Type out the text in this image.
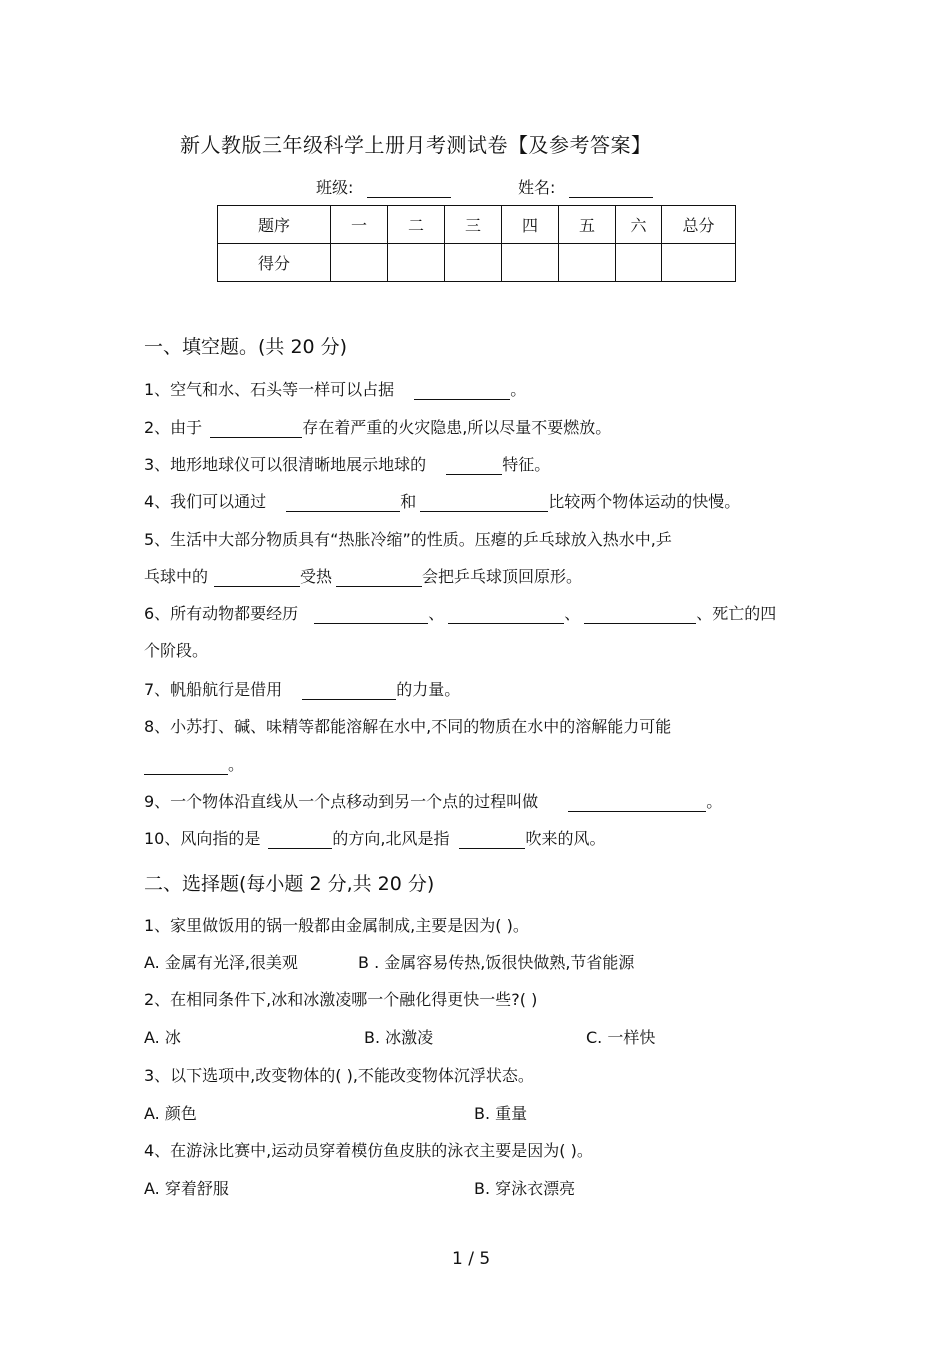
新人教版三年级科学上册月考测试卷【及参考答案】
班级:	姓名:
题序	一	二	三	四	五	六	总分
得分							
一、填空题。(共 20 分)
1、空气和水、石头等一样可以占据	。
2、由于	存在着严重的火灾隐患,所以尽量不要燃放。
3、地形地球仪可以很清晰地展示地球的	特征。
4、我们可以通过	和	比较两个物体运动的快慢。
5、生活中大部分物质具有“热胀冷缩”的性质。压瘪的乒乓球放入热水中,乒
乓球中的	受热	会把乒乓球顶回原形。
6、所有动物都要经历	、	、	、死亡的四
个阶段。
7、帆船航行是借用	的力量。
8、小苏打、碱、味精等都能溶解在水中,不同的物质在水中的溶解能力可能
。
9、一个物体沿直线从一个点移动到另一个点的过程叫做	。
10、风向指的是	的方向,北风是指	吹来的风。
二、选择题(每小题 2 分,共 20 分)
1、家里做饭用的锅一般都由金属制成,主要是因为( )。
A. 金属有光泽,很美观	B . 金属容易传热,饭很快做熟,节省能源
2、在相同条件下,冰和冰激凌哪一个融化得更快一些?( )
A. 冰	B. 冰激凌	C. 一样快
3、以下选项中,改变物体的( ),不能改变物体沉浮状态。
A. 颜色	B. 重量
4、在游泳比赛中,运动员穿着模仿鱼皮肤的泳衣主要是因为( )。
A. 穿着舒服	B. 穿泳衣漂亮
1 / 5
